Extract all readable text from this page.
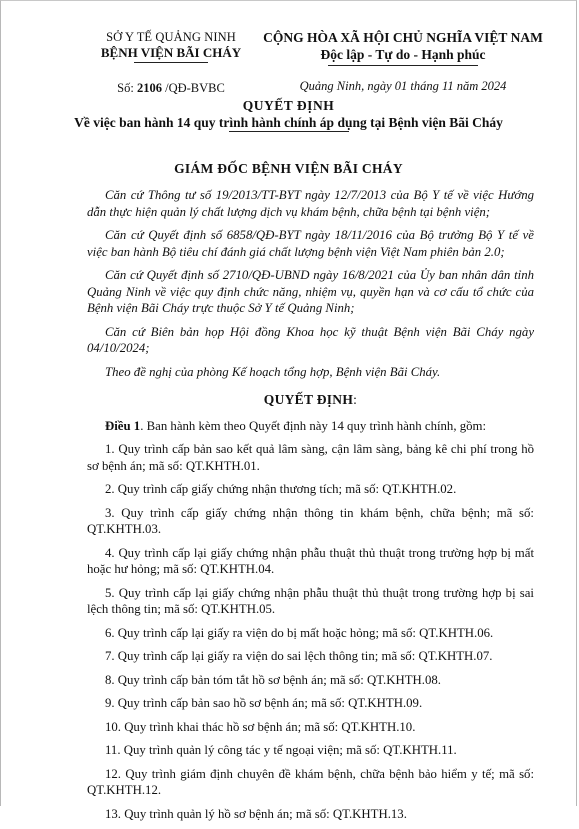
SỞ Y TẾ QUẢNG NINH
BỆNH VIỆN BÃI CHÁY
Số: 2106 /QĐ-BVBC
CỘNG HÒA XÃ HỘI CHỦ NGHĨA VIỆT NAM
Độc lập - Tự do - Hạnh phúc
Quảng Ninh, ngày 01 tháng 11 năm 2024
QUYẾT ĐỊNH
Về việc ban hành 14 quy trình hành chính áp dụng tại Bệnh viện Bãi Cháy
GIÁM ĐỐC BỆNH VIỆN BÃI CHÁY

Căn cứ Thông tư số 19/2013/TT-BYT ngày 12/7/2013 của Bộ Y tế về việc Hướng dẫn thực hiện quản lý chất lượng dịch vụ khám bệnh, chữa bệnh tại bệnh viện;

Căn cứ Quyết định số 6858/QĐ-BYT ngày 18/11/2016 của Bộ trưởng Bộ Y tế về việc ban hành Bộ tiêu chí đánh giá chất lượng bệnh viện Việt Nam phiên bản 2.0;

Căn cứ Quyết định số 2710/QĐ-UBND ngày 16/8/2021 của Ủy ban nhân dân tỉnh Quảng Ninh về việc quy định chức năng, nhiệm vụ, quyền hạn và cơ cấu tổ chức của Bệnh viện Bãi Cháy trực thuộc Sở Y tế Quảng Ninh;

Căn cứ Biên bản họp Hội đồng Khoa học kỹ thuật Bệnh viện Bãi Cháy ngày 04/10/2024;

Theo đề nghị của phòng Kế hoạch tổng hợp, Bệnh viện Bãi Cháy.

QUYẾT ĐỊNH:

Điều 1. Ban hành kèm theo Quyết định này 14 quy trình hành chính, gồm:

1. Quy trình cấp bản sao kết quả lâm sàng, cận lâm sàng, bảng kê chi phí trong hồ sơ bệnh án; mã số: QT.KHTH.01.
2. Quy trình cấp giấy chứng nhận thương tích; mã số: QT.KHTH.02.
3. Quy trình cấp giấy chứng nhận thông tin khám bệnh, chữa bệnh; mã số: QT.KHTH.03.
4. Quy trình cấp lại giấy chứng nhận phẫu thuật thủ thuật trong trường hợp bị mất hoặc hư hỏng; mã số: QT.KHTH.04.
5. Quy trình cấp lại giấy chứng nhận phẫu thuật thủ thuật trong trường hợp bị sai lệch thông tin; mã số: QT.KHTH.05.
6. Quy trình cấp lại giấy ra viện do bị mất hoặc hỏng; mã số: QT.KHTH.06.
7. Quy trình cấp lại giấy ra viện do sai lệch thông tin; mã số: QT.KHTH.07.
8. Quy trình cấp bản tóm tắt hồ sơ bệnh án; mã số: QT.KHTH.08.
9. Quy trình cấp bản sao hồ sơ bệnh án; mã số: QT.KHTH.09.
10. Quy trình khai thác hồ sơ bệnh án; mã số: QT.KHTH.10.
11. Quy trình quản lý công tác y tế ngoại viện; mã số: QT.KHTH.11.
12. Quy trình giám định chuyên đề khám bệnh, chữa bệnh bảo hiểm y tế; mã số: QT.KHTH.12.
13. Quy trình quản lý hồ sơ bệnh án; mã số: QT.KHTH.13.
